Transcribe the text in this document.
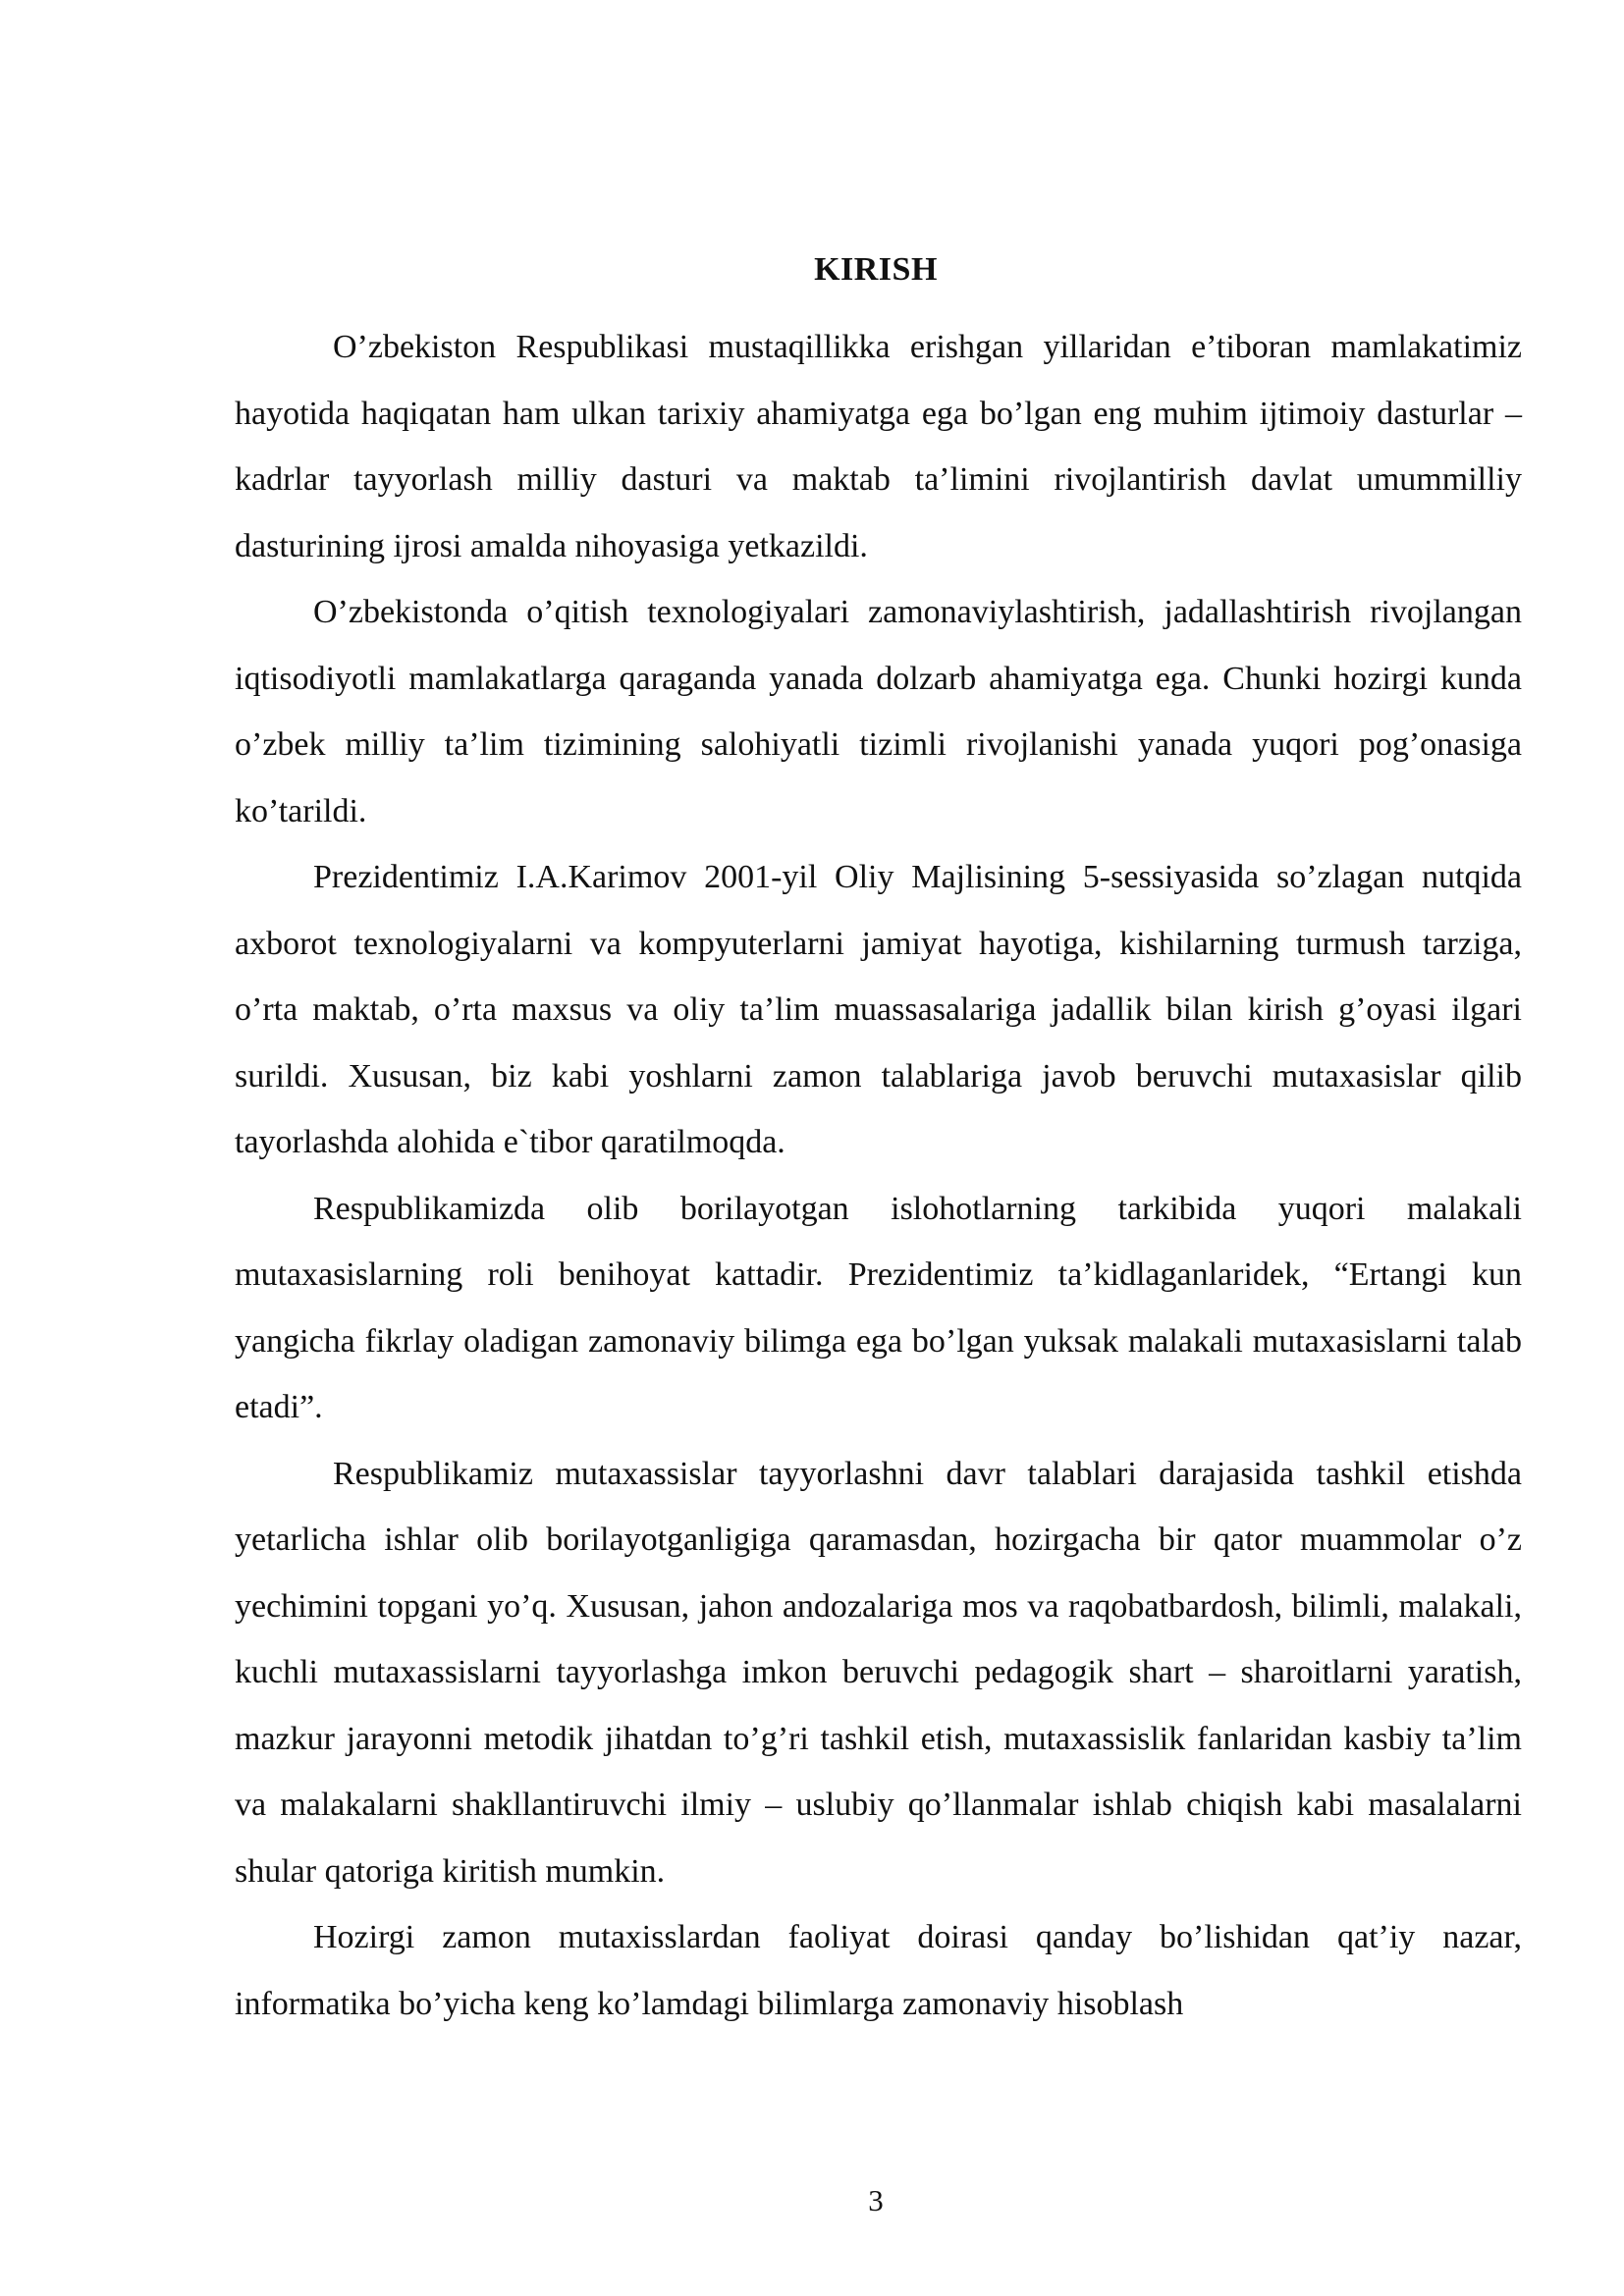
KIRISH

O’zbekiston Respublikasi mustaqillikka erishgan yillaridan e’tiboran mamlakatimiz hayotida haqiqatan ham ulkan tarixiy ahamiyatga ega bo’lgan eng muhim ijtimoiy dasturlar – kadrlar tayyorlash milliy dasturi va maktab ta’limini rivojlantirish davlat umummilliy dasturining ijrosi amalda nihoyasiga yetkazildi.

O’zbekistonda o’qitish texnologiyalari zamonaviylashtirish, jadallashtirish rivojlangan iqtisodiyotli mamlakatlarga qaraganda yanada dolzarb ahamiyatga ega. Chunki hozirgi kunda o’zbek milliy ta’lim tizimining salohiyatli tizimli rivojlanishi yanada yuqori pog’onasiga ko’tarildi.

Prezidentimiz I.A.Karimov 2001-yil Oliy Majlisining 5-sessiyasida so’zlagan nutqida axborot texnologiyalarni va kompyuterlarni jamiyat hayotiga, kishilarning turmush tarziga, o’rta maktab, o’rta maxsus va oliy ta’lim muassasalariga jadallik bilan kirish g’oyasi ilgari surildi. Xususan, biz kabi yoshlarni zamon talablariga javob beruvchi mutaxasislar qilib tayorlashda alohida e`tibor qaratilmoqda.

Respublikamizda olib borilayotgan islohotlarning tarkibida yuqori malakali mutaxasislarning roli benihoyat kattadir. Prezidentimiz ta’kidlaganlaridek, “Ertangi kun yangicha fikrlay oladigan zamonaviy bilimga ega bo’lgan yuksak malakali mutaxasislarni talab etadi”.

Respublikamiz mutaxassislar tayyorlashni davr talablari darajasida tashkil etishda yetarlicha ishlar olib borilayotganligiga qaramasdan, hozirgacha bir qator muammolar o’z yechimini topgani yo’q. Xususan, jahon andozalariga mos va raqobatbardosh, bilimli, malakali, kuchli mutaxassislarni tayyorlashga imkon beruvchi pedagogik shart – sharoitlarni yaratish, mazkur jarayonni metodik jihatdan to’g’ri tashkil etish, mutaxassislik fanlaridan kasbiy ta’lim va malakalarni shakllantiruvchi ilmiy – uslubiy qo’llanmalar ishlab chiqish kabi masalalarni shular qatoriga kiritish mumkin.

Hozirgi zamon mutaxisslardan faoliyat doirasi qanday bo’lishidan qat’iy nazar, informatika bo’yicha keng ko’lamdagi bilimlarga zamonaviy hisoblash

3
